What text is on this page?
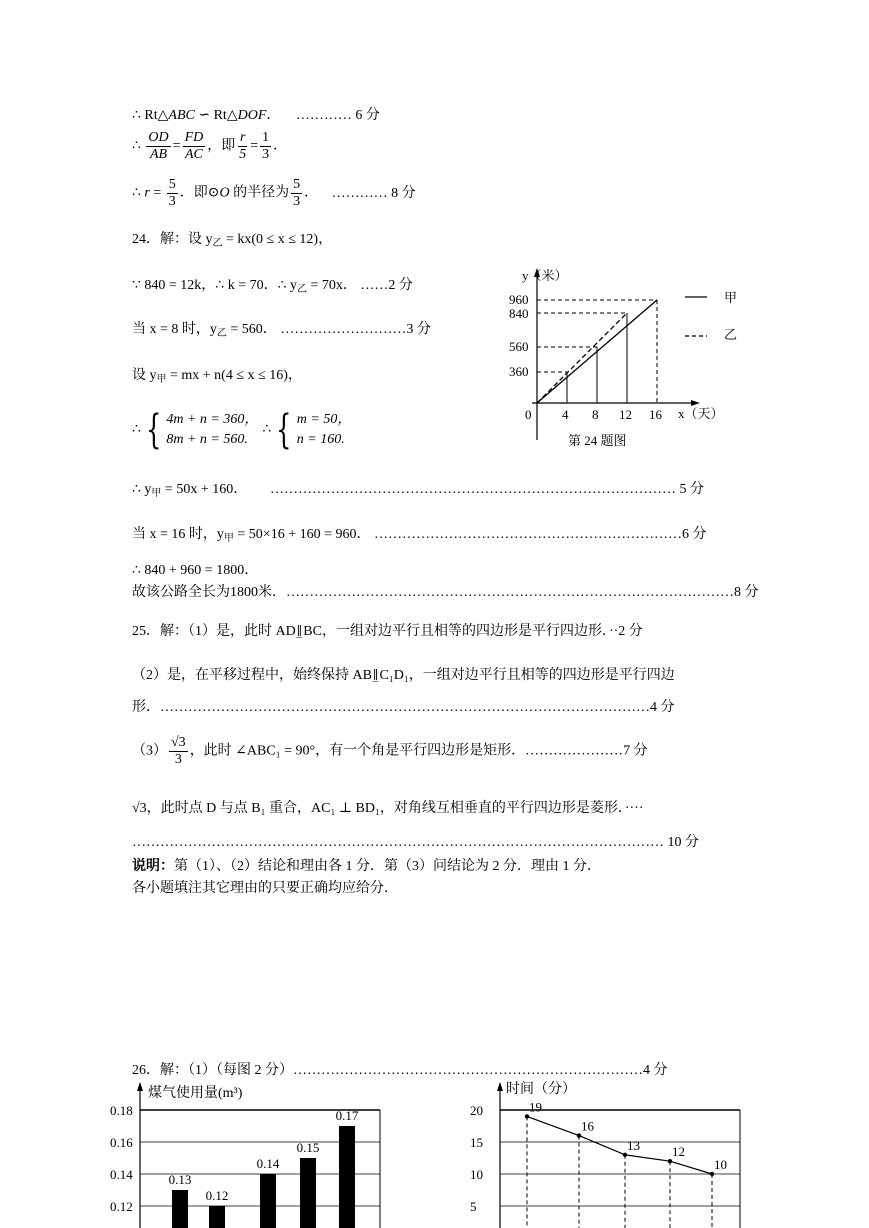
∴ Rt△ABC ∽ Rt△DOF． ………… 6 分
∴ $\frac{OD}{AB} = \frac{FD}{AC}$ ，即 $\frac{r}{5} = \frac{1}{3}$ ．
∴ $r = \frac{5}{3}$ ．即⊙O 的半径为 $\frac{5}{3}$ ． ………… 8 分
24．解：设 $y_乙 = kx(0 \le x \le 12)$，
∵ 840 = 12k，∴ k = 70．∴ $y_乙 = 70x$． ……2 分
当 x = 8 时，$y_乙 = 560$． ………………………3 分
设 $y_甲$ = mx + n(4 ≤ x ≤ 16)，
∴ { 4m + n = 360，
8m + n = 560.
∴ { m = 50，
n = 160.
∴ $y_甲 = 50x + 160$． …………………………………………………………………………… 5 分
当 x = 16 时，$y_甲 = 50\times 16 + 160 = 960$． …………………………………………………………6 分
∴ 840 + 960 = 1800．
故该公路全长为1800米．……………………………………………………………………………………8 分
y（米）
x（天）
960
840
560
360
0 4 8 12 16
第 24 题图
甲
乙
25．解：（1）是，此时 AD∥̲BC，一组对边平行且相等的四边形是平行四边形．··2 分
（2）是，在平移过程中，始终保持 AB∥̲C₁D₁，一组对边平行且相等的四边形是平行四边
形．……………………………………………………………………………………………4 分
$(3) \frac{√3}{3}$ ，此时 ∠ABC₁ = 90°，有一个角是平行四边形是矩形．…………………7 分
√3，此时点 D 与点 B₁ 重合，AC₁ ⊥ BD₁，对角线互相垂直的平行四边形是菱形．····
…………………………………………………………………………………………………… 10 分
说明：第（1）、（2）结论和理由各 1 分．第（3）问结论为 2 分．理由 1 分．
各小题填注其它理由的只要正确均应给分．
26．解：（1）（每图 2 分）…………………………………………………………………4 分
煤气使用量(m³)
0.18
0.16
0.14
0.12
0.13
0.12
0.14
0.15
0.17
时间（分）
20
15
10
5
19
16
13 12
10
